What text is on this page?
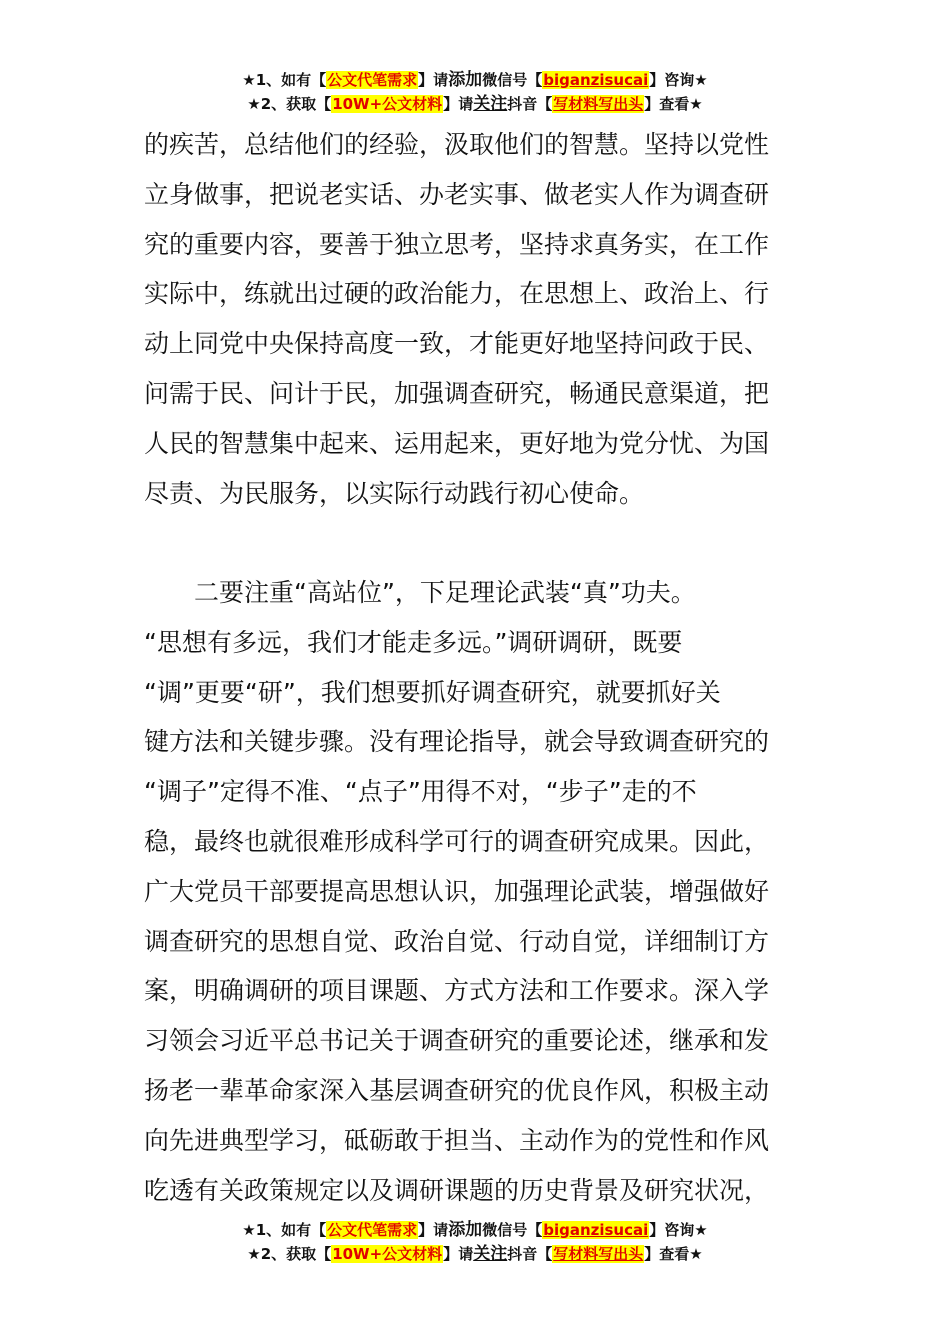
★1、如有【公文代笔需求】请添加微信号【biganzisucai】咨询★
★2、获取【10W+公文材料】请关注抖音【写材料写出头】查看★
的疾苦，总结他们的经验，汲取他们的智慧。坚持以党性
立身做事，把说老实话、办老实事、做老实人作为调查研
究的重要内容，要善于独立思考，坚持求真务实，在工作
实际中，练就出过硬的政治能力，在思想上、政治上、行
动上同党中央保持高度一致，才能更好地坚持问政于民、
问需于民、问计于民，加强调查研究，畅通民意渠道，把
人民的智慧集中起来、运用起来，更好地为党分忧、为国
尽责、为民服务，以实际行动践行初心使命。
　　二要注重“高站位”，下足理论武装“真”功夫。
“思想有多远，我们才能走多远。”调研调研，既要
“调”更要“研”，我们想要抓好调查研究，就要抓好关
键方法和关键步骤。没有理论指导，就会导致调查研究的
“调子”定得不准、“点子”用得不对，“步子”走的不
稳，最终也就很难形成科学可行的调查研究成果。因此，
广大党员干部要提高思想认识，加强理论武装，增强做好
调查研究的思想自觉、政治自觉、行动自觉，详细制订方
案，明确调研的项目课题、方式方法和工作要求。深入学
习领会习近平总书记关于调查研究的重要论述，继承和发
扬老一辈革命家深入基层调查研究的优良作风，积极主动
向先进典型学习，砥砺敢于担当、主动作为的党性和作风
吃透有关政策规定以及调研课题的历史背景及研究状况，
★1、如有【公文代笔需求】请添加微信号【biganzisucai】咨询★
★2、获取【10W+公文材料】请关注抖音【写材料写出头】查看★
